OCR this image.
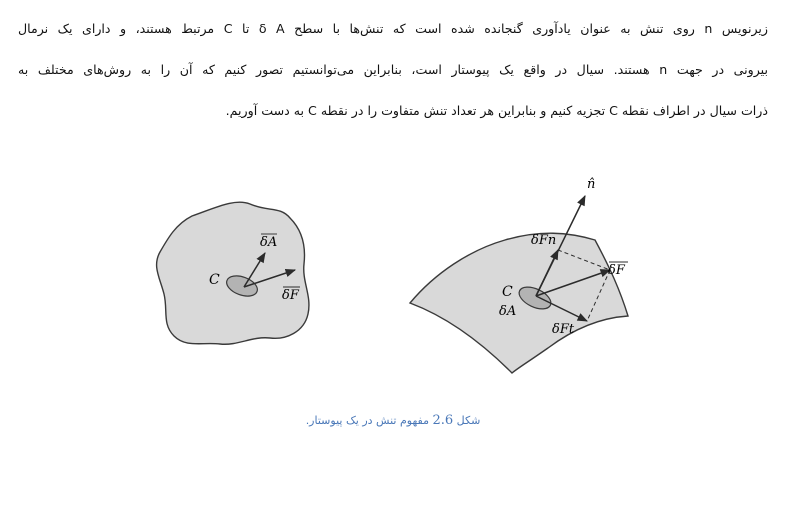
زیرنویس n روی تنش به عنوان یادآوری گنجانده شده است که تنش‌ها با سطح δ A تا C مرتبط هستند، و دارای یک نرمال
بیرونی در جهت n هستند. سیال در واقع یک پیوستار است، بنابراین می‌توانستیم تصور کنیم که آن را به روش‌های مختلف به
ذرات سیال در اطراف نقطه C تجزیه کنیم و بنابراین هر تعداد تنش متفاوت را در نقطه C به دست آوریم.
δA
C
δF
n̂
δFn
δF
C
δA
δFt
شکل 2.6 مفهوم تنش در یک پیوستار.
